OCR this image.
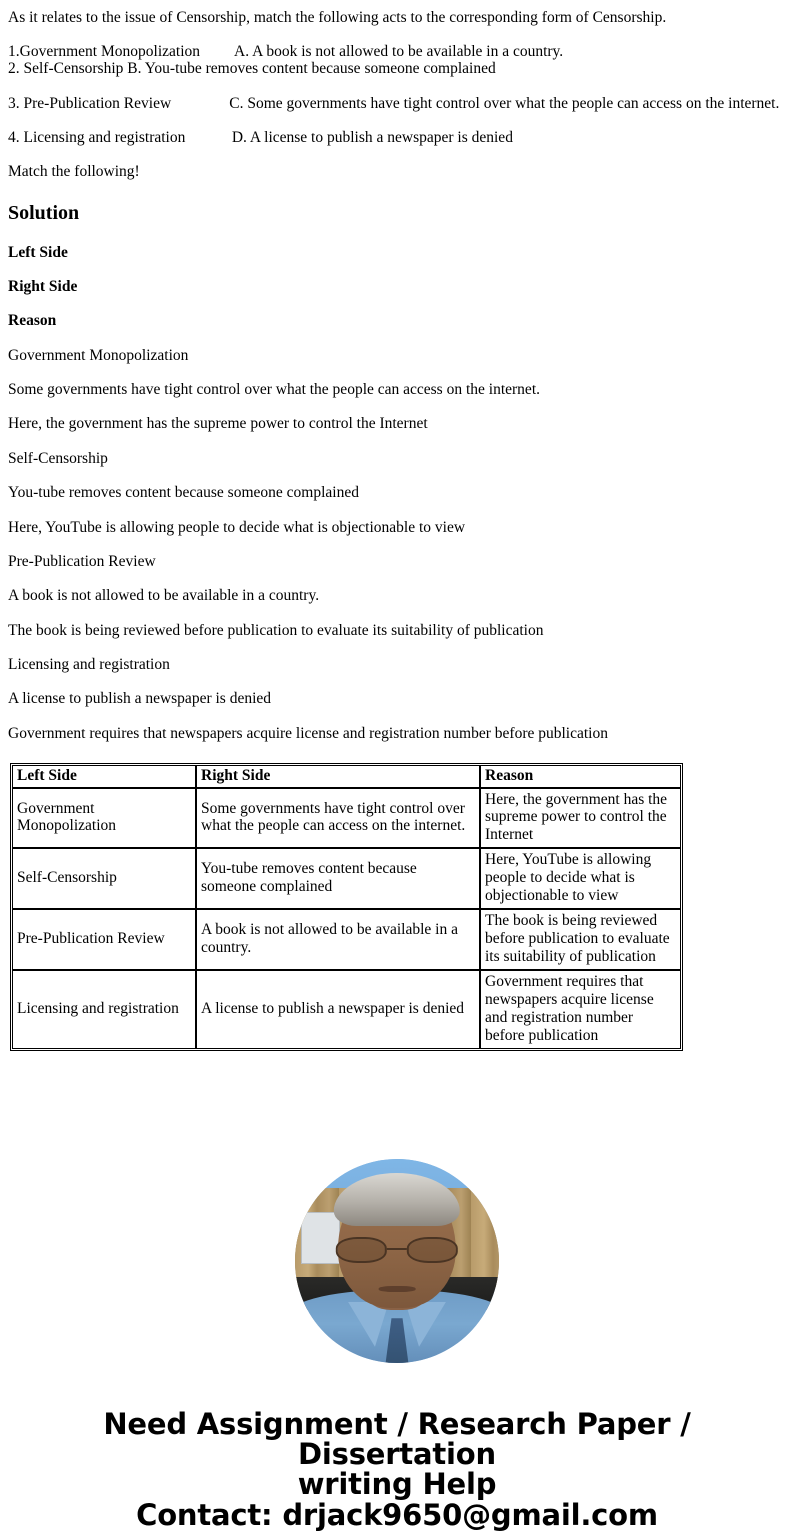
As it relates to the issue of Censorship, match the following acts to the corresponding form of Censorship.

1.Government Monopolization         A. A book is not allowed to be available in a country.

2. Self-Censorship B. You-tube removes content because someone complained

3. Pre-Publication Review               C. Some governments have tight control over what the people can access on the internet.

4. Licensing and registration            D. A license to publish a newspaper is denied

Match the following!

Solution

Left Side

Right Side

Reason

Government Monopolization

Some governments have tight control over what the people can access on the internet.

Here, the government has the supreme power to control the Internet

Self-Censorship

You-tube removes content because someone complained

Here, YouTube is allowing people to decide what is objectionable to view

Pre-Publication Review

A book is not allowed to be available in a country.

The book is being reviewed before publication to evaluate its suitability of publication

Licensing and registration

A license to publish a newspaper is denied

Government requires that newspapers acquire license and registration number before publication

Left Side	Right Side	Reason
Government Monopolization	Some governments have tight control over what the people can access on the internet.	Here, the government has the supreme power to control the Internet
Self-Censorship	You-tube removes content because someone complained	Here, YouTube is allowing people to decide what is objectionable to view
Pre-Publication Review	A book is not allowed to be available in a country.	The book is being reviewed before publication to evaluate its suitability of publication
Licensing and registration	A license to publish a newspaper is denied	Government requires that newspapers acquire license and registration number before publication
Need Assignment / Research Paper / Dissertation
writing Help
Contact: drjack9650@gmail.com
